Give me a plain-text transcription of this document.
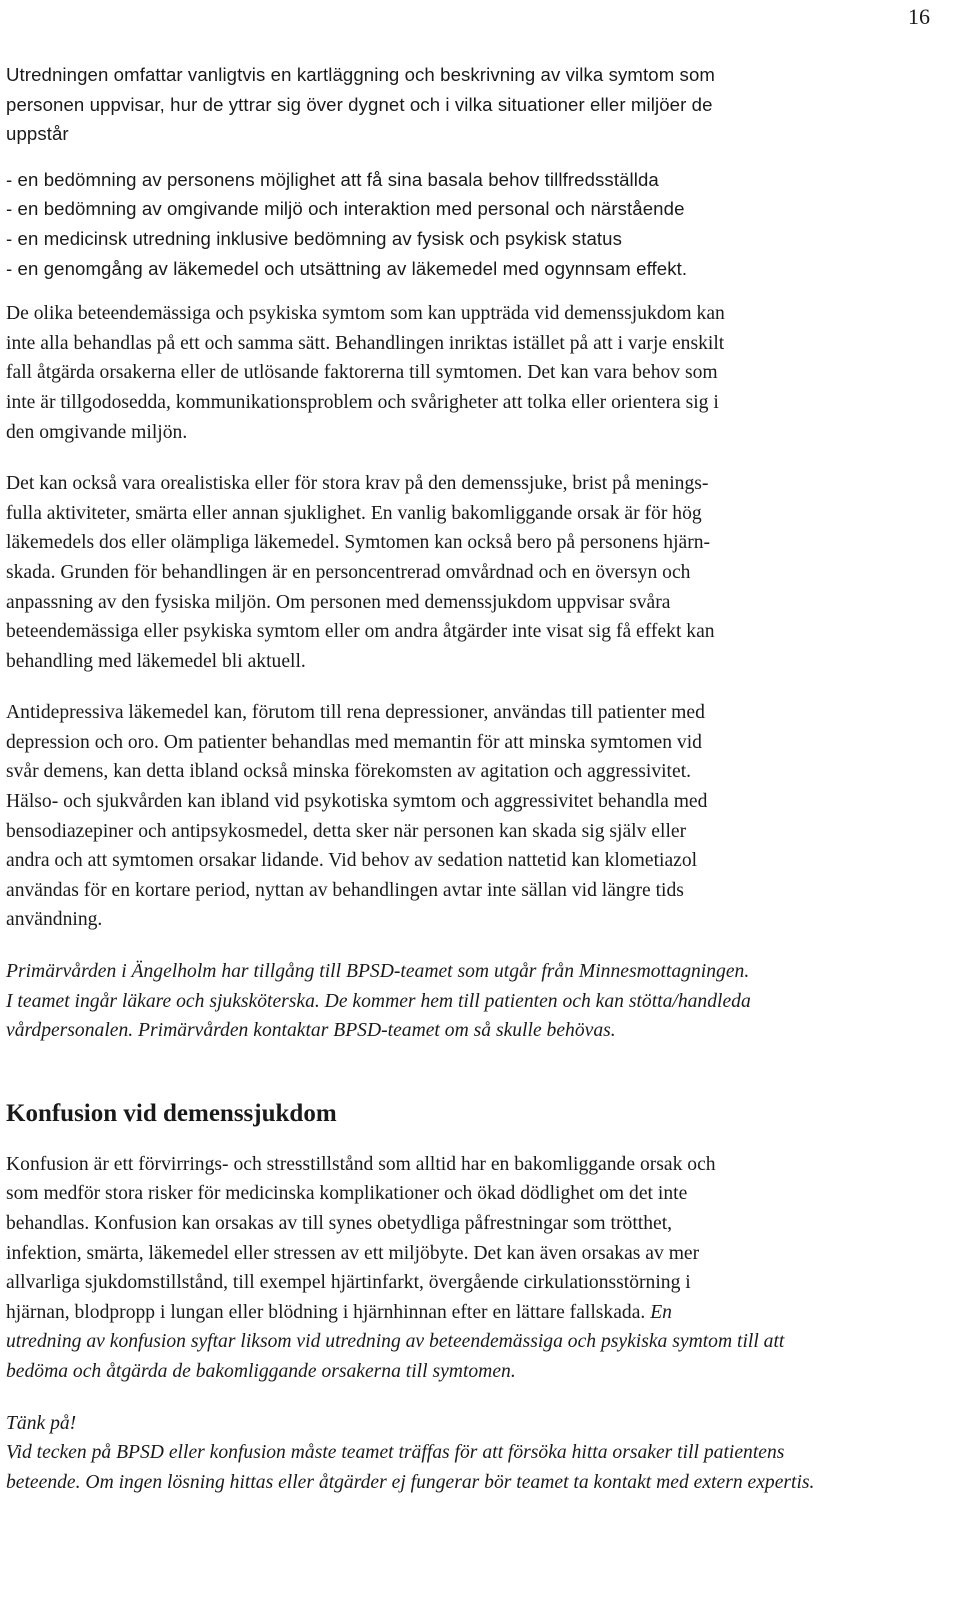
16

Utredningen omfattar vanligtvis en kartläggning och beskrivning av vilka symtom som

personen uppvisar, hur de yttrar sig över dygnet och i vilka situationer eller miljöer de

uppstår

- en bedömning av personens möjlighet att få sina basala behov tillfredsställda

- en bedömning av omgivande miljö och interaktion med personal och närstående

- en medicinsk utredning inklusive bedömning av fysisk och psykisk status

- en genomgång av läkemedel och utsättning av läkemedel med ogynnsam effekt.

De olika beteendemässiga och psykiska symtom som kan uppträda vid demenssjukdom kan

inte alla behandlas på ett och samma sätt. Behandlingen inriktas istället på att i varje enskilt

fall åtgärda orsakerna eller de utlösande faktorerna till symtomen. Det kan vara behov som

inte är tillgodosedda, kommunikationsproblem och svårigheter att tolka eller orientera sig i

den omgivande miljön.

Det kan också vara orealistiska eller för stora krav på den demenssjuke, brist på menings-

fulla aktiviteter, smärta eller annan sjuklighet. En vanlig bakomliggande orsak är för hög

läkemedels dos eller olämpliga läkemedel. Symtomen kan också bero på personens hjärn-

skada. Grunden för behandlingen är en personcentrerad omvårdnad och en översyn och

anpassning av den fysiska miljön. Om personen med demenssjukdom uppvisar svåra

beteendemässiga eller psykiska symtom eller om andra åtgärder inte visat sig få effekt kan

behandling med läkemedel bli aktuell.

Antidepressiva läkemedel kan, förutom till rena depressioner, användas till patienter med

depression och oro. Om patienter behandlas med memantin för att minska symtomen vid

svår demens, kan detta ibland också minska förekomsten av agitation och aggressivitet.

Hälso- och sjukvården kan ibland vid psykotiska symtom och aggressivitet behandla med

bensodiazepiner och antipsykosmedel, detta sker när personen kan skada sig själv eller

andra och att symtomen orsakar lidande. Vid behov av sedation nattetid kan klometiazol

användas för en kortare period, nyttan av behandlingen avtar inte sällan vid längre tids

användning.

Primärvården i Ängelholm har tillgång till BPSD-teamet som utgår från Minnesmottagningen.

I teamet ingår läkare och sjuksköterska. De kommer hem till patienten och kan stötta/handleda

vårdpersonalen. Primärvården kontaktar BPSD-teamet om så skulle behövas.

Konfusion vid demenssjukdom

Konfusion är ett förvirrings- och stresstillstånd som alltid har en bakomliggande orsak och

som medför stora risker för medicinska komplikationer och ökad dödlighet om det inte

behandlas. Konfusion kan orsakas av till synes obetydliga påfrestningar som trötthet,

infektion, smärta, läkemedel eller stressen av ett miljöbyte. Det kan även orsakas av mer

allvarliga sjukdomstillstånd, till exempel hjärtinfarkt, övergående cirkulationsstörning i

hjärnan, blodpropp i lungan eller blödning i hjärnhinnan efter en lättare fallskada. En

utredning av konfusion syftar liksom vid utredning av beteendemässiga och psykiska symtom till att

bedöma och åtgärda de bakomliggande orsakerna till symtomen.

Tänk på!

Vid tecken på BPSD eller konfusion måste teamet träffas för att försöka hitta orsaker till patientens

beteende. Om ingen lösning hittas eller åtgärder ej fungerar bör teamet ta kontakt med extern expertis.
